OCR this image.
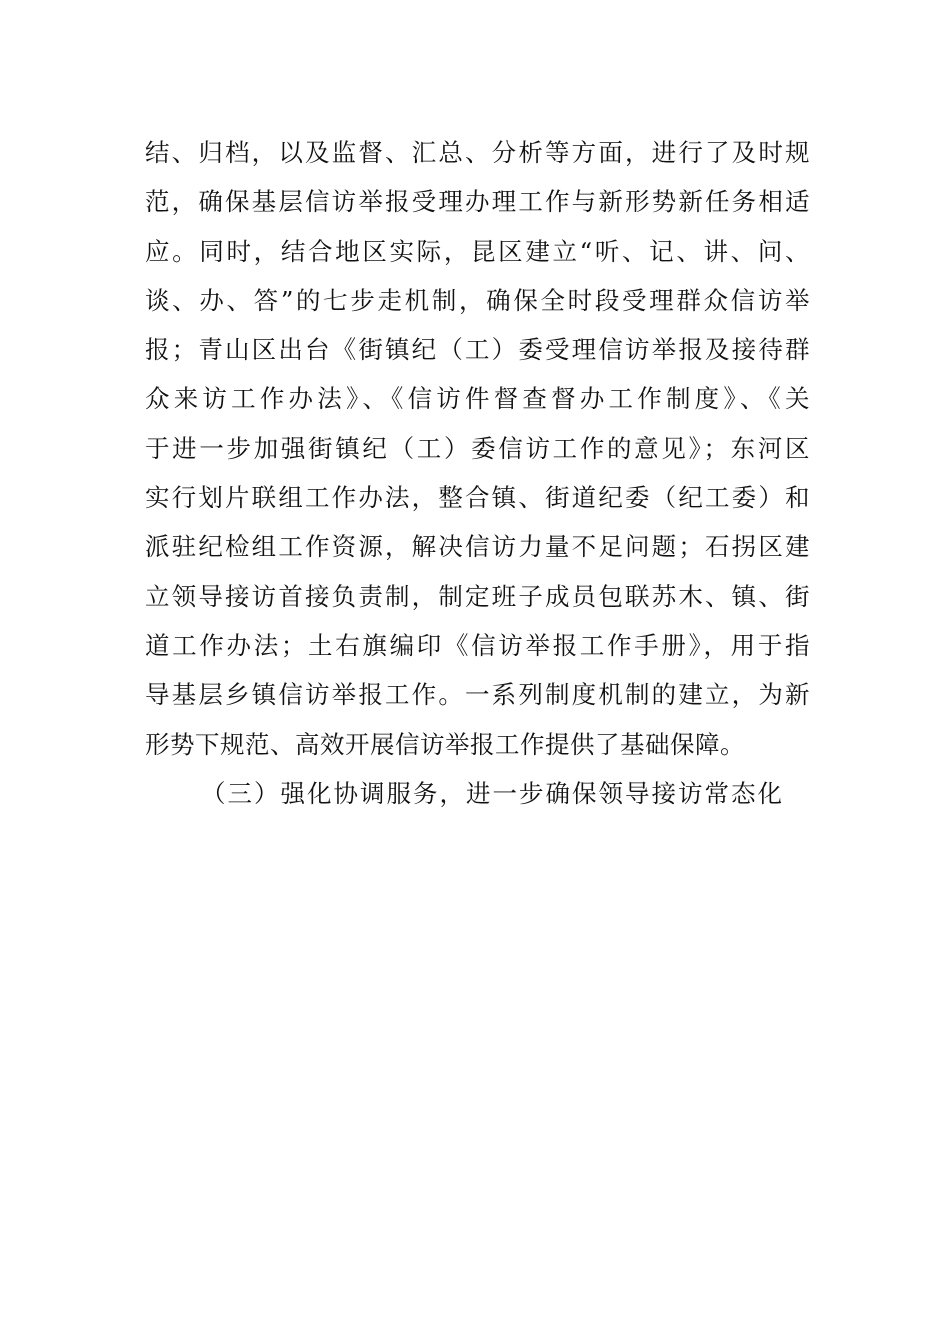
结、归档，以及监督、汇总、分析等方面，进行了及时规
范，确保基层信访举报受理办理工作与新形势新任务相适
应。同时，结合地区实际，昆区建立“听、记、讲、问、
谈、办、答”的七步走机制，确保全时段受理群众信访举
报；青山区出台《街镇纪（工）委受理信访举报及接待群
众来访工作办法》、《信访件督查督办工作制度》、《关
于进一步加强街镇纪（工）委信访工作的意见》；东河区
实行划片联组工作办法，整合镇、街道纪委（纪工委）和
派驻纪检组工作资源，解决信访力量不足问题；石拐区建
立领导接访首接负责制，制定班子成员包联苏木、镇、街
道工作办法；土右旗编印《信访举报工作手册》，用于指
导基层乡镇信访举报工作。一系列制度机制的建立，为新
形势下规范、高效开展信访举报工作提供了基础保障。
（三）强化协调服务，进一步确保领导接访常态化
